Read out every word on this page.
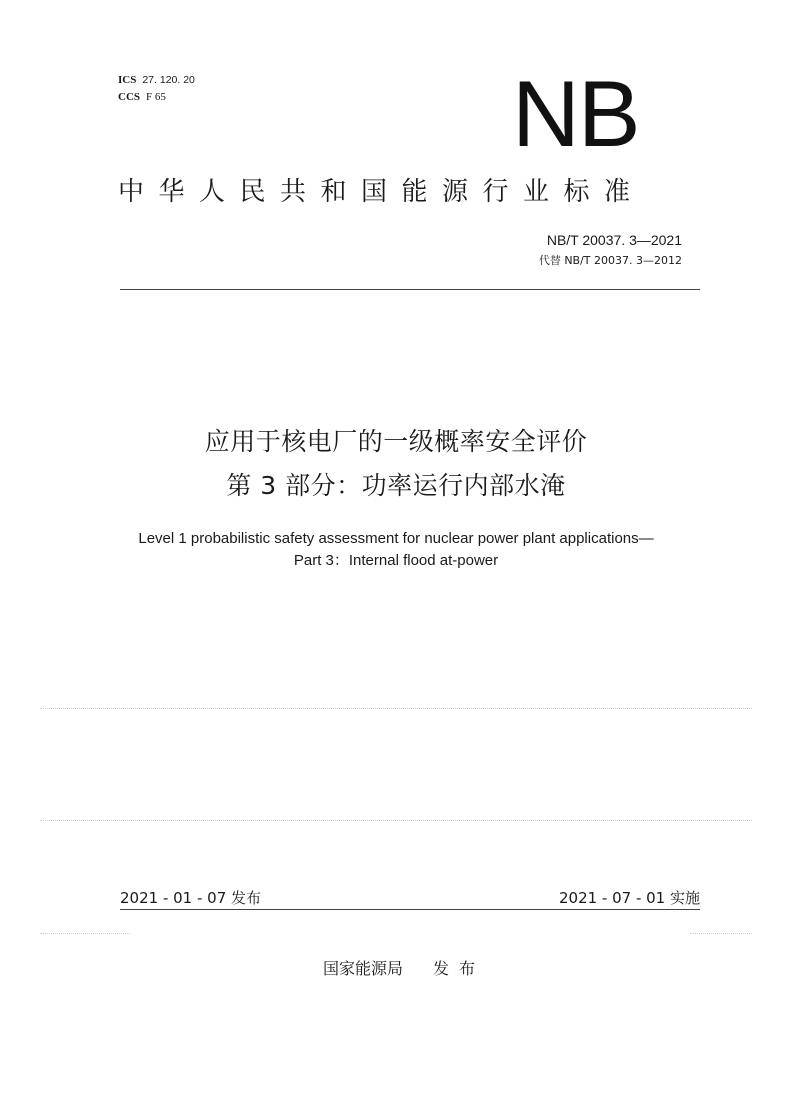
ICS 27. 120. 20
CCS F 65	NB
中华人民共和国能源行业标准
NB/T 20037. 3—2021
代替 NB/T 20037. 3—2012
应用于核电厂的一级概率安全评价
第 3 部分：功率运行内部水淹
Level 1 probabilistic safety assessment for nuclear power plant applications—
Part 3：Internal flood at-power
2021 - 01 - 07 发布	2021 - 07 - 01 实施
国家能源局 发布
